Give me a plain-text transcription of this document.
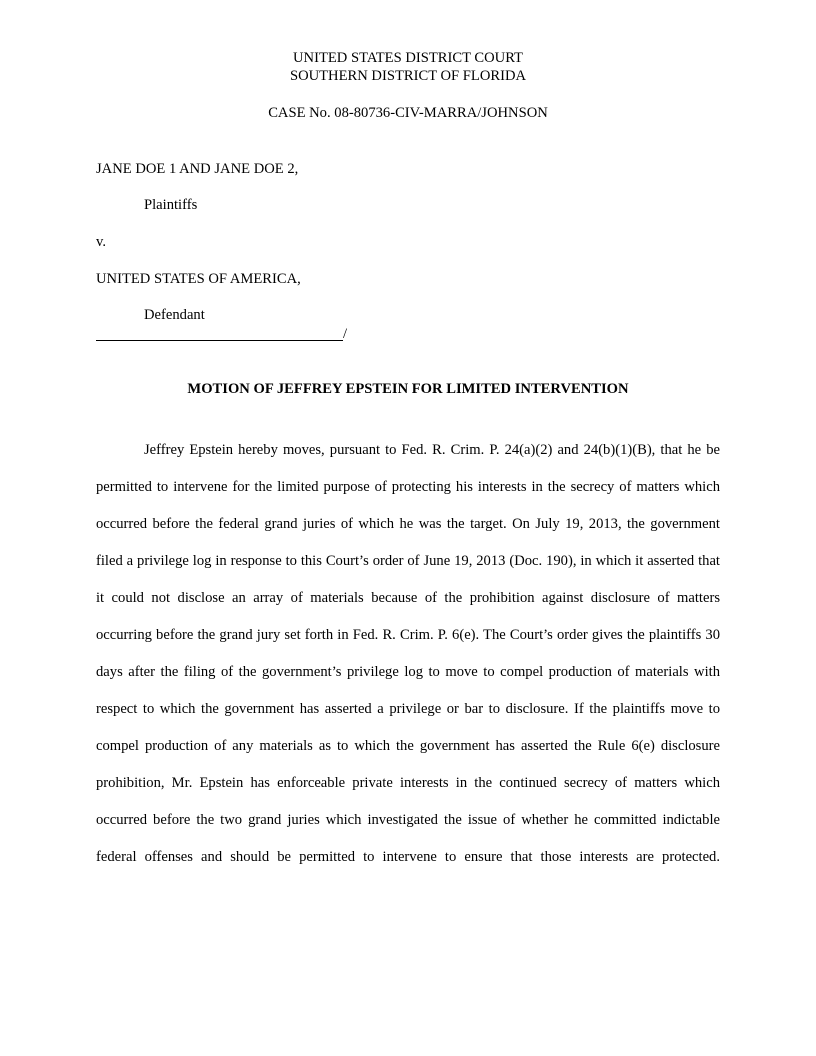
UNITED STATES DISTRICT COURT
SOUTHERN DISTRICT OF FLORIDA
CASE No. 08-80736-CIV-MARRA/JOHNSON
JANE DOE 1 AND JANE DOE 2,
Plaintiffs
v.
UNITED STATES OF AMERICA,
Defendant
/
MOTION OF JEFFREY EPSTEIN FOR LIMITED INTERVENTION
Jeffrey Epstein hereby moves, pursuant to Fed. R. Crim. P. 24(a)(2) and 24(b)(1)(B), that he be permitted to intervene for the limited purpose of protecting his interests in the secrecy of matters which occurred before the federal grand juries of which he was the target. On July 19, 2013, the government filed a privilege log in response to this Court’s order of June 19, 2013 (Doc. 190), in which it asserted that it could not disclose an array of materials because of the prohibition against disclosure of matters occurring before the grand jury set forth in Fed. R. Crim. P. 6(e). The Court’s order gives the plaintiffs 30 days after the filing of the government’s privilege log to move to compel production of materials with respect to which the government has asserted a privilege or bar to disclosure. If the plaintiffs move to compel production of any materials as to which the government has asserted the Rule 6(e) disclosure prohibition, Mr. Epstein has enforceable private interests in the continued secrecy of matters which occurred before the two grand juries which investigated the issue of whether he committed indictable federal offenses and should be permitted to intervene to ensure that those interests are protected.
